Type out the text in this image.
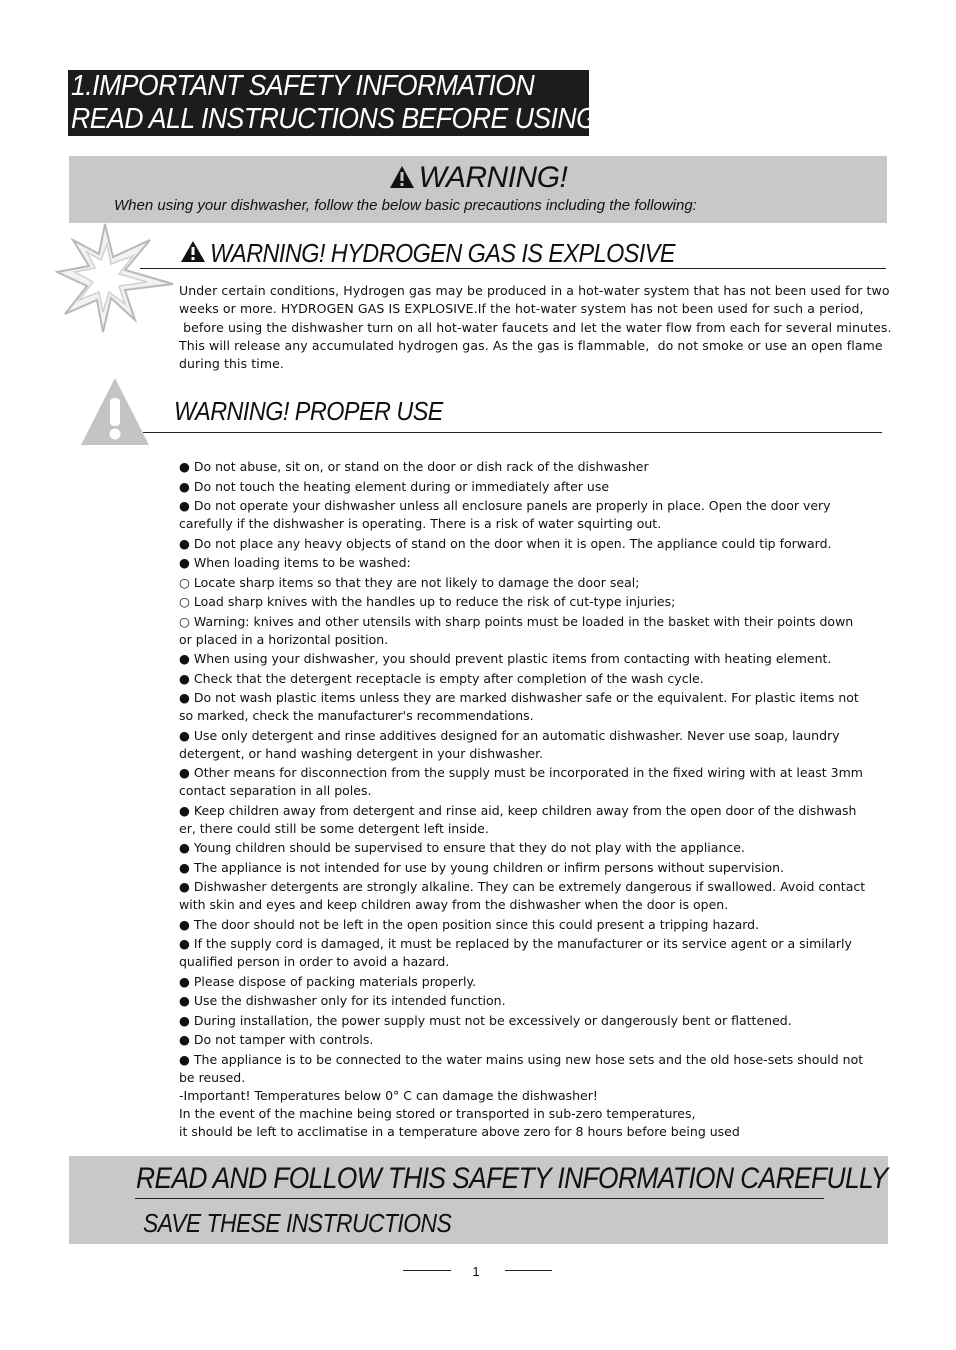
1.IMPORTANT SAFETY INFORMATION
READ ALL INSTRUCTIONS BEFORE USING
WARNING!
When using your dishwasher, follow the below basic precautions including the following:
WARNING! HYDROGEN GAS IS EXPLOSIVE
Under certain conditions, Hydrogen gas may be produced in a hot-water system that has not been used for two
weeks or more. HYDROGEN GAS IS EXPLOSIVE.If the hot-water system has not been used for such a period,
before using the dishwasher turn on all hot-water faucets and let the water flow from each for several minutes.
This will release any accumulated hydrogen gas. As the gas is flammable,  do not smoke or use an open flame
during this time.
WARNING! PROPER USE
● Do not abuse, sit on, or stand on the door or dish rack of the dishwasher
● Do not touch the heating element during or immediately after use
● Do not operate your dishwasher unless all enclosure panels are properly in place. Open the door very
carefully if the dishwasher is operating. There is a risk of water squirting out.
● Do not place any heavy objects of stand on the door when it is open. The appliance could tip forward.
● When loading items to be washed:
○ Locate sharp items so that they are not likely to damage the door seal;
○ Load sharp knives with the handles up to reduce the risk of cut-type injuries;
○ Warning: knives and other utensils with sharp points must be loaded in the basket with their points down
or placed in a horizontal position.
● When using your dishwasher, you should prevent plastic items from contacting with heating element.
● Check that the detergent receptacle is empty after completion of the wash cycle.
● Do not wash plastic items unless they are marked dishwasher safe or the equivalent. For plastic items not
so marked, check the manufacturer's recommendations.
● Use only detergent and rinse additives designed for an automatic dishwasher. Never use soap, laundry
detergent, or hand washing detergent in your dishwasher.
● Other means for disconnection from the supply must be incorporated in the fixed wiring with at least 3mm
contact separation in all poles.
● Keep children away from detergent and rinse aid, keep children away from the open door of the dishwash
er, there could still be some detergent left inside.
● Young children should be supervised to ensure that they do not play with the appliance.
● The appliance is not intended for use by young children or infirm persons without supervision.
● Dishwasher detergents are strongly alkaline. They can be extremely dangerous if swallowed. Avoid contact
with skin and eyes and keep children away from the dishwasher when the door is open.
● The door should not be left in the open position since this could present a tripping hazard.
● If the supply cord is damaged, it must be replaced by the manufacturer or its service agent or a similarly
qualified person in order to avoid a hazard.
● Please dispose of packing materials properly.
● Use the dishwasher only for its intended function.
● During installation, the power supply must not be excessively or dangerously bent or flattened.
● Do not tamper with controls.
● The appliance is to be connected to the water mains using new hose sets and the old hose-sets should not
be reused.
-Important! Temperatures below 0° C can damage the dishwasher!
In the event of the machine being stored or transported in sub-zero temperatures,
it should be left to acclimatise in a temperature above zero for 8 hours before being used
READ AND FOLLOW THIS SAFETY INFORMATION CAREFULLY
SAVE THESE INSTRUCTIONS
1
